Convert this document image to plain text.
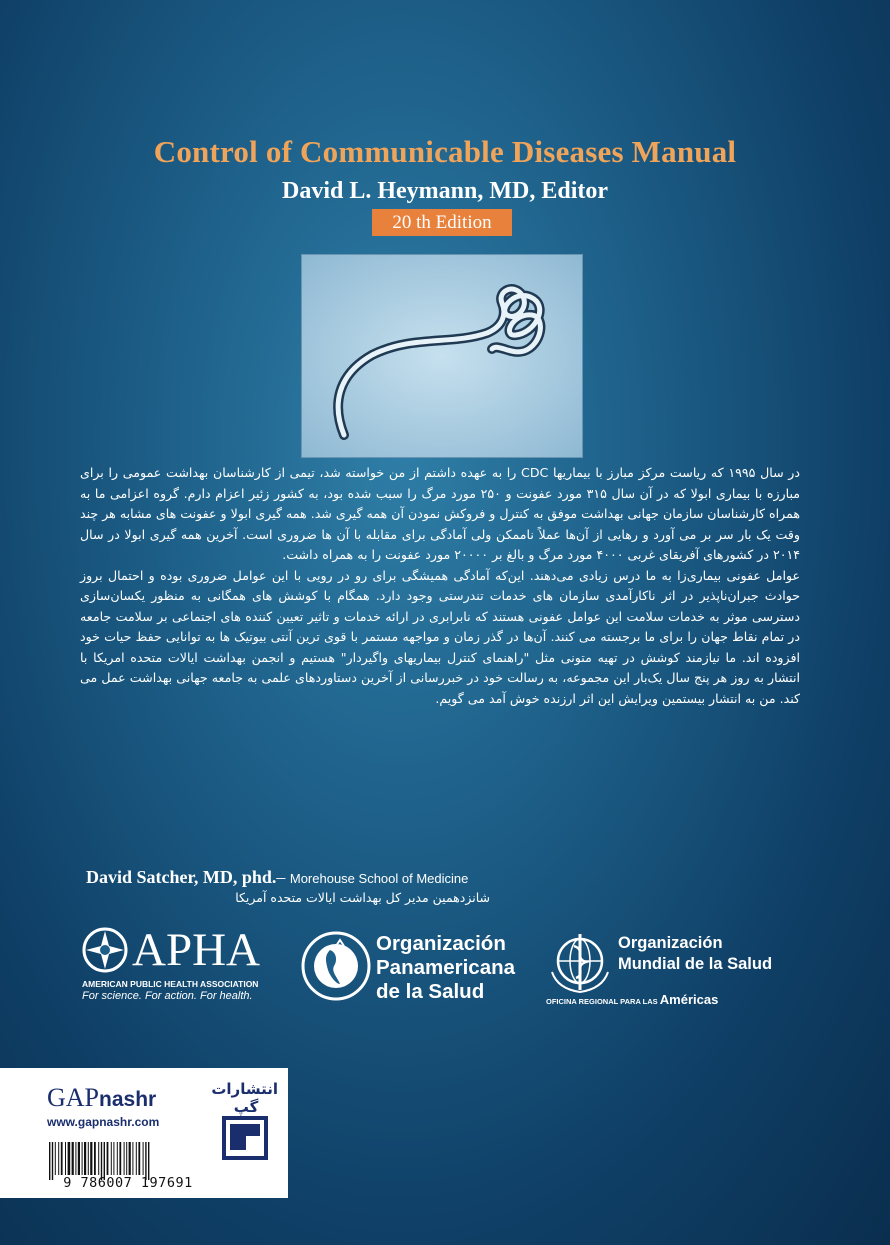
Control of Communicable Diseases Manual
David L. Heymann, MD, Editor
20 th Edition

در سال ۱۹۹۵ که ریاست مرکز مبارز با بیماریها CDC را به عهده داشتم از من خواسته شد، تیمی از کارشناسان بهداشت عمومی را برای مبارزه با بیماری ابولا که در آن سال ۳۱۵ مورد عفونت و ۲۵۰ مورد مرگ را سبب شده بود، به کشور زئیر اعزام دارم. گروه اعزامی ما به همراه کارشناسان سازمان جهانی بهداشت موفق به کنترل و فروکش نمودن آن همه گیری شد. همه گیری ابولا و عفونت های مشابه هر چند وقت یک بار سر بر می آورد و رهایی از آن‌ها عملاً ناممکن ولی آمادگی برای مقابله با آن ها ضروری است. آخرین همه گیری ابولا در سال ۲۰۱۴ در کشورهای آفریقای غربی ۴۰۰۰ مورد مرگ و بالغ بر ۲۰۰۰۰ مورد عفونت را به همراه داشت.

عوامل عفونی بیماری‌زا به ما درس زیادی می‌دهند. این‌که آمادگی همیشگی برای رو در رویی با این عوامل ضروری بوده و احتمال بروز حوادث جبران‌ناپذیر در اثر ناکارآمدی سازمان های خدمات تندرستی وجود دارد. همگام با کوشش های همگانی به منظور یکسان‌سازی دسترسی موثر به خدمات سلامت این عوامل عفونی هستند که نابرابری در ارائه خدمات و تاثیر تعیین کننده های اجتماعی بر سلامت جامعه در تمام نقاط جهان را برای ما برجسته می کنند. آن‌ها در گذر زمان و مواجهه مستمر با قوی ترین آنتی بیوتیک ها به توانایی حفظ حیات خود افزوده اند. ما نیازمند کوشش در تهیه متونی مثل "راهنمای کنترل بیماریهای واگیردار" هستیم و انجمن بهداشت ایالات متحده امریکا با انتشار به روز هر پنج سال یک‌بار این مجموعه، به رسالت خود در خبررسانی از آخرین دستاوردهای علمی به جامعه جهانی بهداشت عمل می کند. من به انتشار بیستمین ویرایش این اثر ارزنده خوش آمد می گویم.

David Satcher, MD, phd.– Morehouse School of Medicine
شانزدهمین مدیر کل بهداشت ایالات متحده آمریکا
APHA
AMERICAN PUBLIC HEALTH ASSOCIATION
For science. For action. For health.
Organización
Panamericana
de la Salud
Organización
Mundial de la Salud
OFICINA REGIONAL PARA LAS Américas
GAPnashr
www.gapnashr.com
انتشارات
گپ
9 786007 197691
